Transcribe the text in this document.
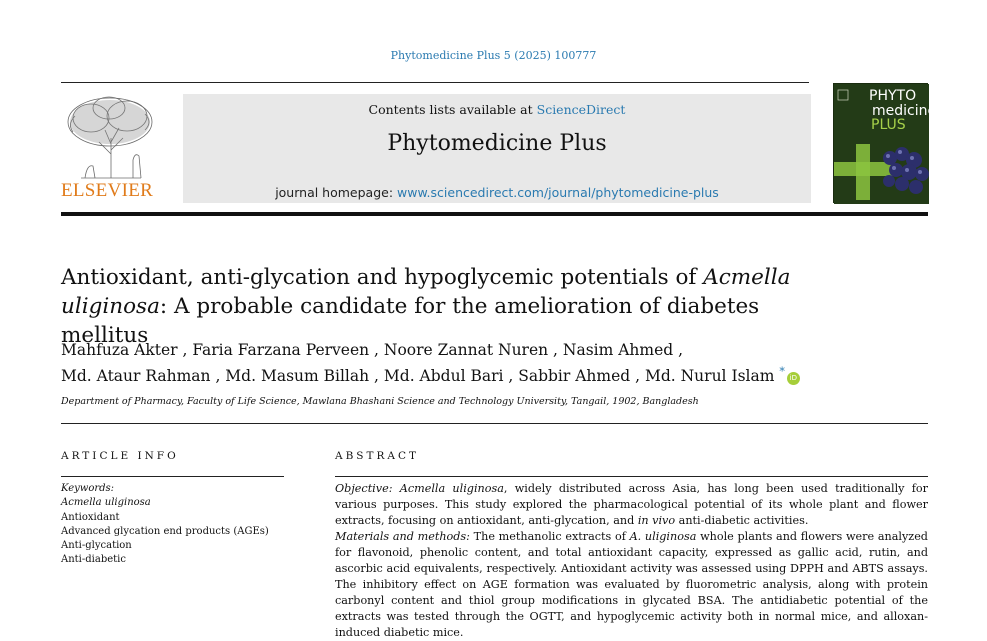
Phytomedicine Plus 5 (2025) 100777
ELSEVIER
Contents lists available at ScienceDirect
Phytomedicine Plus
journal homepage: www.sciencedirect.com/journal/phytomedicine-plus
PHYTO
medicine
PLUS
Antioxidant, anti-glycation and hypoglycemic potentials of Acmella uliginosa: A probable candidate for the amelioration of diabetes mellitus
Mahfuza Akter , Faria Farzana Perveen , Noore Zannat Nuren , Nasim Ahmed ,
Md. Ataur Rahman , Md. Masum Billah , Md. Abdul Bari , Sabbir Ahmed , Md. Nurul Islam * iD
Department of Pharmacy, Faculty of Life Science, Mawlana Bhashani Science and Technology University, Tangail, 1902, Bangladesh
ARTICLE INFO
Keywords:
Acmella uliginosa
Antioxidant
Advanced glycation end products (AGEs)
Anti-glycation
Anti-diabetic
ABSTRACT

Objective: Acmella uliginosa, widely distributed across Asia, has long been used traditionally for various purposes. This study explored the pharmacological potential of its whole plant and flower extracts, focusing on antioxidant, anti-glycation, and in vivo anti-diabetic activities.

Materials and methods: The methanolic extracts of A. uliginosa whole plants and flowers were analyzed for flavonoid, phenolic content, and total antioxidant capacity, expressed as gallic acid, rutin, and ascorbic acid equivalents, respectively. Antioxidant activity was assessed using DPPH and ABTS assays. The inhibitory effect on AGE formation was evaluated by fluorometric analysis, along with protein carbonyl content and thiol group modifications in glycated BSA. The antidiabetic potential of the extracts was tested through the OGTT, and hypoglycemic activity both in normal mice, and alloxan-induced diabetic mice.
